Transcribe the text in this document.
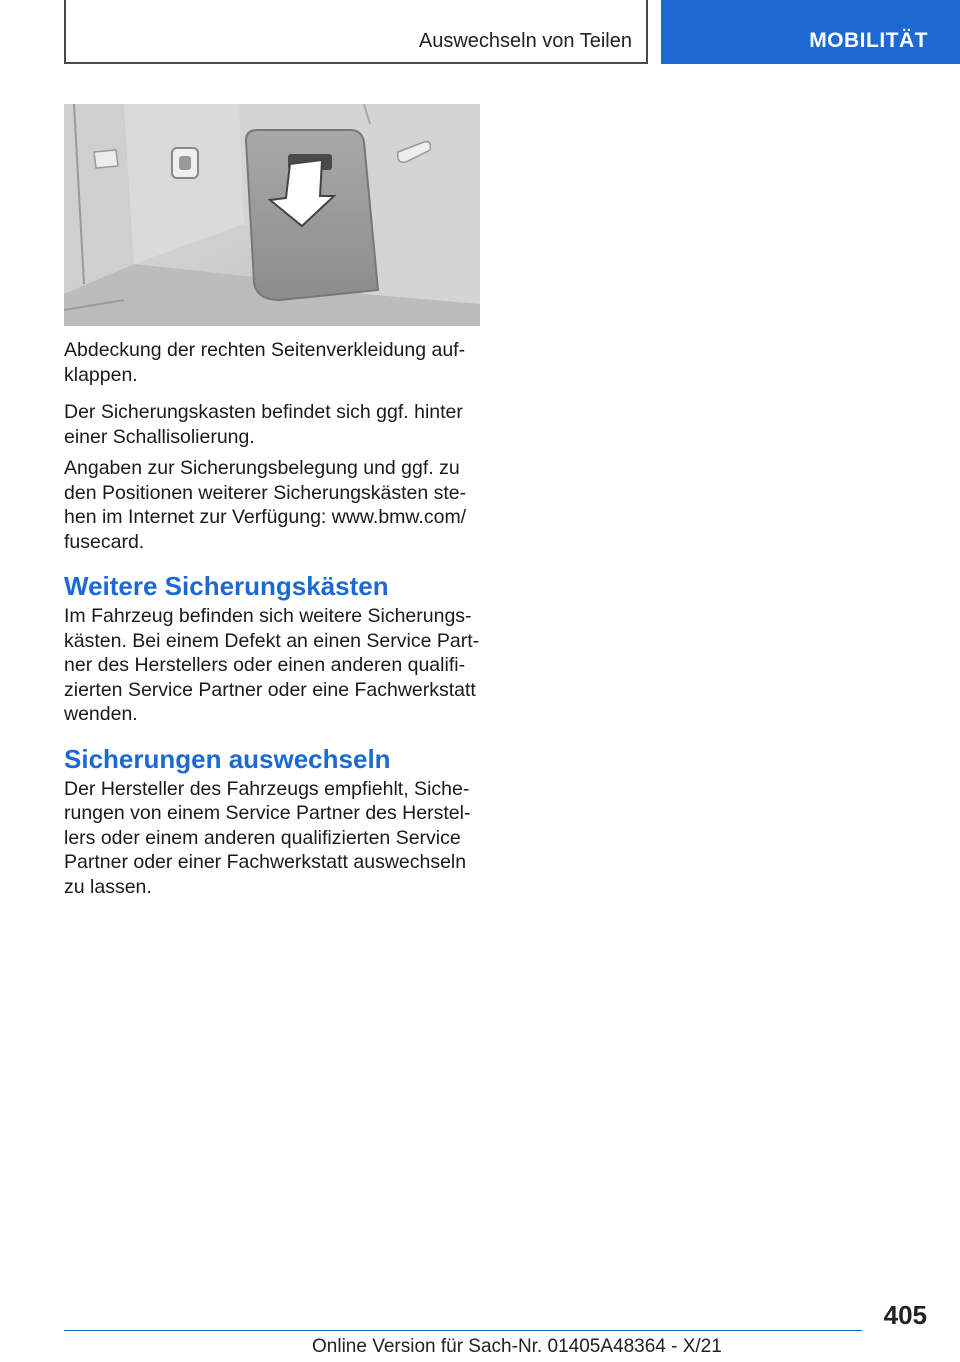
Auswechseln von Teilen	MOBILITÄT

Abdeckung der rechten Seitenverkleidung aufklappen.

Der Sicherungskasten befindet sich ggf. hinter einer Schallisolierung.

Angaben zur Sicherungsbelegung und ggf. zu den Positionen weiterer Sicherungskästen stehen im Internet zur Verfügung: www.bmw.com/ fusecard.

Weitere Sicherungskästen

Im Fahrzeug befinden sich weitere Sicherungskästen. Bei einem Defekt an einen Service Partner des Herstellers oder einen anderen qualifizierten Service Partner oder eine Fachwerkstatt wenden.

Sicherungen auswechseln

Der Hersteller des Fahrzeugs empfiehlt, Sicherungen von einem Service Partner des Herstellers oder einem anderen qualifizierten Service Partner oder einer Fachwerkstatt auswechseln zu lassen.

405
Online Version für Sach-Nr. 01405A48364 - X/21
